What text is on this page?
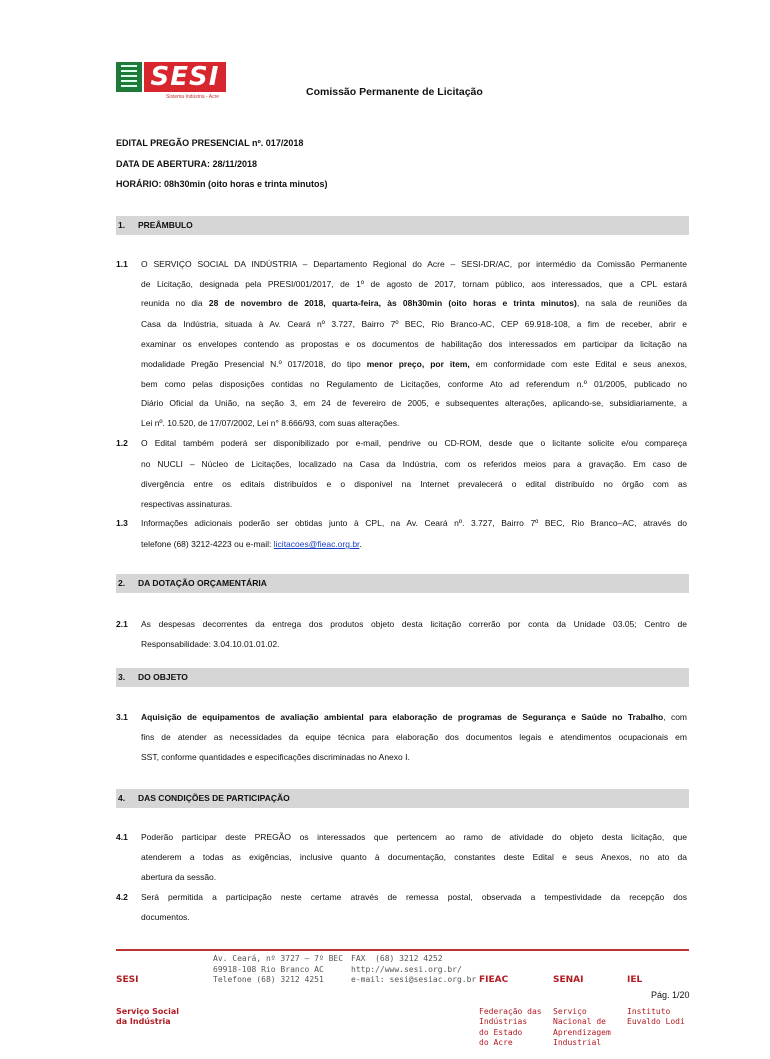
SESI
Sistema Indústria - Acre	Comissão Permanente de Licitação
EDITAL PREGÃO PRESENCIAL nº. 017/2018
DATA DE ABERTURA: 28/11/2018
HORÁRIO: 08h30min (oito horas e trinta minutos)
1. PREÂMBULO
1.1 O SERVIÇO SOCIAL DA INDÚSTRIA – Departamento Regional do Acre – SESI-DR/AC, por intermédio da Comissão Permanente
de Licitação, designada pela PRESI/001/2017, de 1º de agosto de 2017, tornam público, aos interessados, que a CPL estará
reunida no dia 28 de novembro de 2018, quarta-feira, às 08h30min (oito horas e trinta minutos), na sala de reuniões da
Casa da Indústria, situada à Av. Ceará nº 3.727, Bairro 7º BEC, Rio Branco-AC, CEP 69.918-108, a fim de receber, abrir e
examinar os envelopes contendo as propostas e os documentos de habilitação dos interessados em participar da licitação na
modalidade Pregão Presencial N.º 017/2018, do tipo menor preço, por item, em conformidade com este Edital e seus anexos,
bem como pelas disposições contidas no Regulamento de Licitações, conforme Ato ad referendum n.º 01/2005, publicado no
Diário Oficial da União, na seção 3, em 24 de fevereiro de 2005, e subsequentes alterações, aplicando-se, subsidiariamente, a
Lei nº. 10.520, de 17/07/2002, Lei n° 8.666/93, com suas alterações.
1.2 O Edital também poderá ser disponibilizado por e-mail, pendrive ou CD-ROM, desde que o licitante solicite e/ou compareça
no NUCLI – Núcleo de Licitações, localizado na Casa da Indústria, com os referidos meios para a gravação. Em caso de
divergência entre os editais distribuídos e o disponível na Internet prevalecerá o edital distribuído no órgão com as
respectivas assinaturas.
1.3 Informações adicionais poderão ser obtidas junto à CPL, na Av. Ceará nº. 3.727, Bairro 7º BEC, Rio Branco–AC, através do
telefone (68) 3212-4223 ou e-mail: licitacoes@fieac.org.br.
2. DA DOTAÇÃO ORÇAMENTÁRIA
2.1 As despesas decorrentes da entrega dos produtos objeto desta licitação correrão por conta da Unidade 03.05; Centro de
Responsabilidade: 3.04.10.01.01.02.
3. DO OBJETO
3.1 Aquisição de equipamentos de avaliação ambiental para elaboração de programas de Segurança e Saúde no Trabalho, com
fins de atender as necessidades da equipe técnica para elaboração dos documentos legais e atendimentos ocupacionais em
SST, conforme quantidades e especificações discriminadas no Anexo I.
4. DAS CONDIÇÕES DE PARTICIPAÇÃO
4.1 Poderão participar deste PREGÃO os interessados que pertencem ao ramo de atividade do objeto desta licitação, que
atenderem a todas as exigências, inclusive quanto à documentação, constantes deste Edital e seus Anexos, no ato da
abertura da sessão.
4.2 Será permitida a participação neste certame através de remessa postal, observada a tempestividade da recepção dos
documentos.

SESI

Serviço Social
da Indústria

Av. Ceará, nº 3727 – 7º BEC
69918-108 Rio Branco AC
Telefone (68) 3212 4251
FAX  (68) 3212 4252
http://www.sesi.org.br/
e-mail: sesi@sesiac.org.br

FIEAC

Federação das
Indústrias
do Estado
do Acre

SENAI

Serviço
Nacional de
Aprendizagem
Industrial

IEL

Instituto
Euvaldo Lodi

Pág. 1/20
